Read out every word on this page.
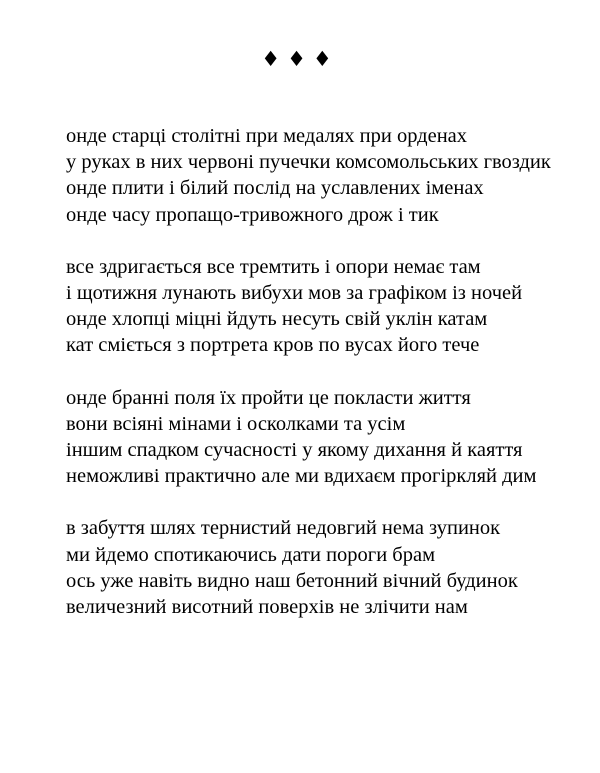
♦♦♦
онде старці столітні при медалях при орденах
у руках в них червоні пучечки комсомольських гвоздик
онде плити і білий послід на уславлених іменах
онде часу пропащо-тривожного дрож і тик
все здригається все тремтить і опори немає там
і щотижня лунають вибухи мов за графіком із ночей
онде хлопці міцні йдуть несуть свій уклін катам
кат сміється з портрета кров по вусах його тече
онде бранні поля їх пройти це покласти життя
вони всіяні мінами і осколками та усім
іншим спадком сучасності у якому дихання й каяття
неможливі практично але ми вдихаєм прогіркляй дим
в забуття шлях тернистий недовгий нема зупинок
ми йдемо спотикаючись дати пороги брам
ось уже навіть видно наш бетонний вічний будинок
величезний висотний поверхів не злічити нам
